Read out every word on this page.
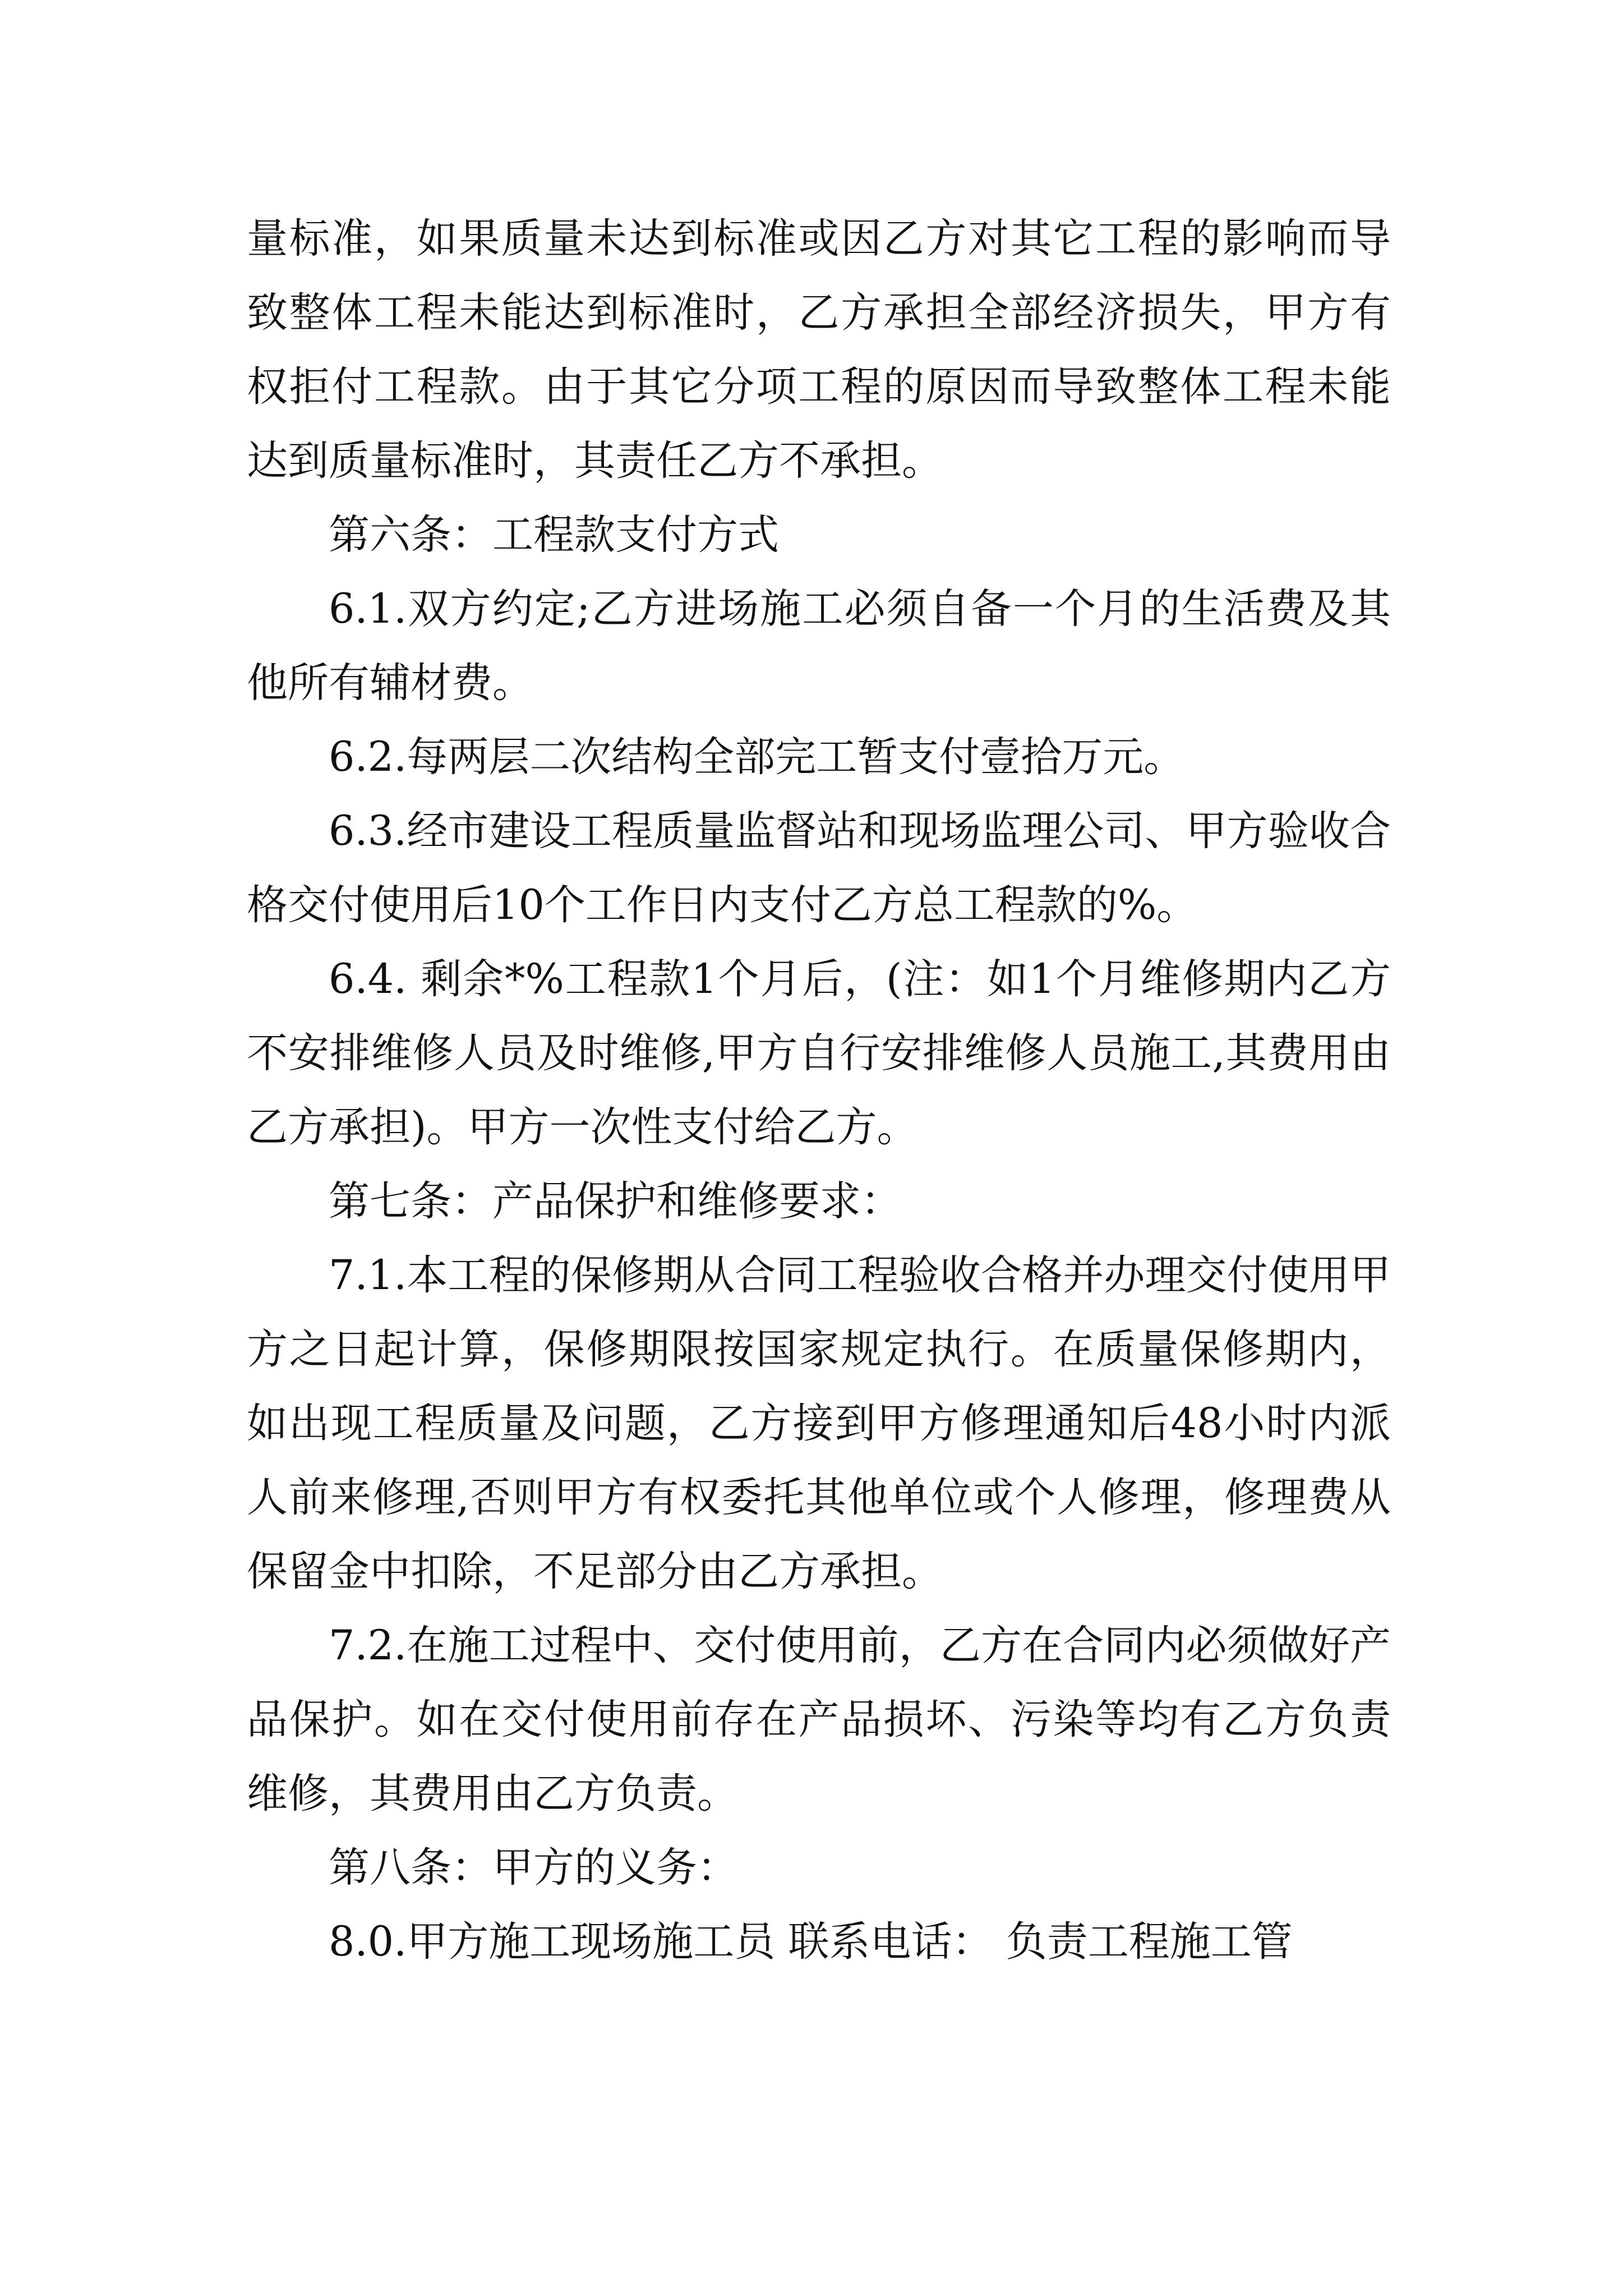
量标准，如果质量未达到标准或因乙方对其它工程的影响而导致整体工程未能达到标准时，乙方承担全部经济损失，甲方有权拒付工程款。由于其它分项工程的原因而导致整体工程未能达到质量标准时，其责任乙方不承担。

第六条：工程款支付方式

6.1.双方约定;乙方进场施工必须自备一个月的生活费及其他所有辅材费。

6.2.每两层二次结构全部完工暂支付壹拾万元。

6.3.经市建设工程质量监督站和现场监理公司、甲方验收合格交付使用后10个工作日内支付乙方总工程款的%。

6.4. 剩余*%工程款1个月后，(注：如1个月维修期内乙方不安排维修人员及时维修,甲方自行安排维修人员施工,其费用由乙方承担)。甲方一次性支付给乙方。

第七条：产品保护和维修要求：

7.1.本工程的保修期从合同工程验收合格并办理交付使用甲方之日起计算，保修期限按国家规定执行。在质量保修期内，如出现工程质量及问题，乙方接到甲方修理通知后48小时内派人前来修理,否则甲方有权委托其他单位或个人修理，修理费从保留金中扣除，不足部分由乙方承担。

7.2.在施工过程中、交付使用前，乙方在合同内必须做好产品保护。如在交付使用前存在产品损坏、污染等均有乙方负责维修，其费用由乙方负责。

第八条：甲方的义务：

8.0.甲方施工现场施工员 联系电话： 负责工程施工管
